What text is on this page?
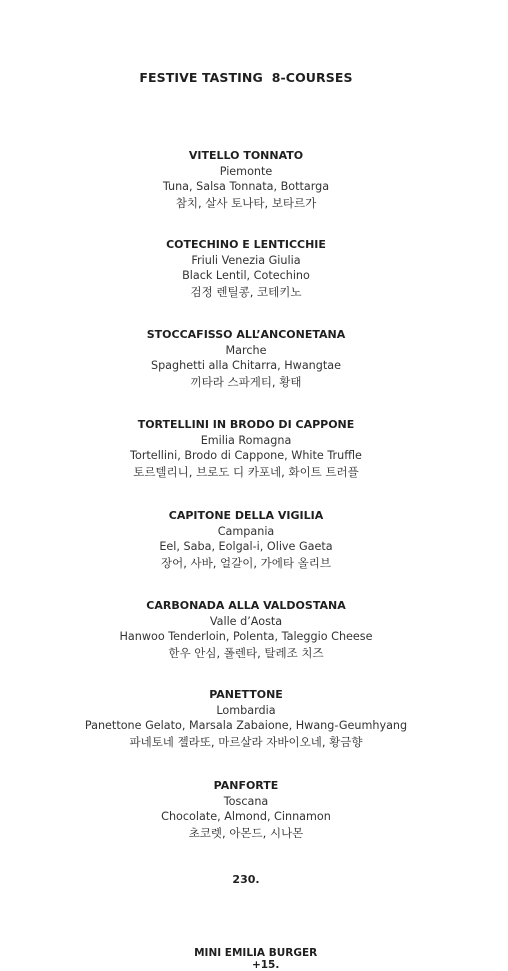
FESTIVE TASTING  8-COURSES
VITELLO TONNATO
Piemonte
Tuna, Salsa Tonnata, Bottarga
참치, 살사 토나타, 보타르가
COTECHINO E LENTICCHIE
Friuli Venezia Giulia
Black Lentil, Cotechino
검정 렌틸콩, 코테키노
STOCCAFISSO ALL’ANCONETANA
Marche
Spaghetti alla Chitarra, Hwangtae
끼타라 스파게티, 황태
TORTELLINI IN BRODO DI CAPPONE
Emilia Romagna
Tortellini, Brodo di Cappone, White Truffle
토르텔리니, 브로도 디 카포네, 화이트 트러플
CAPITONE DELLA VIGILIA
Campania
Eel, Saba, Eolgal-i, Olive Gaeta
장어, 사바, 얼갈이, 가에타 올리브
CARBONADA ALLA VALDOSTANA
Valle d’Aosta
Hanwoo Tenderloin, Polenta, Taleggio Cheese
한우 안심, 폴렌타, 탈레조 치즈
PANETTONE
Lombardia
Panettone Gelato, Marsala Zabaione, Hwang-Geumhyang
파네토네 젤라또, 마르살라 자바이오네, 황금향
PANFORTE
Toscana
Chocolate, Almond, Cinnamon
초코렛, 아몬드, 시나몬
230.

MINI EMILIA BURGER
+15.
